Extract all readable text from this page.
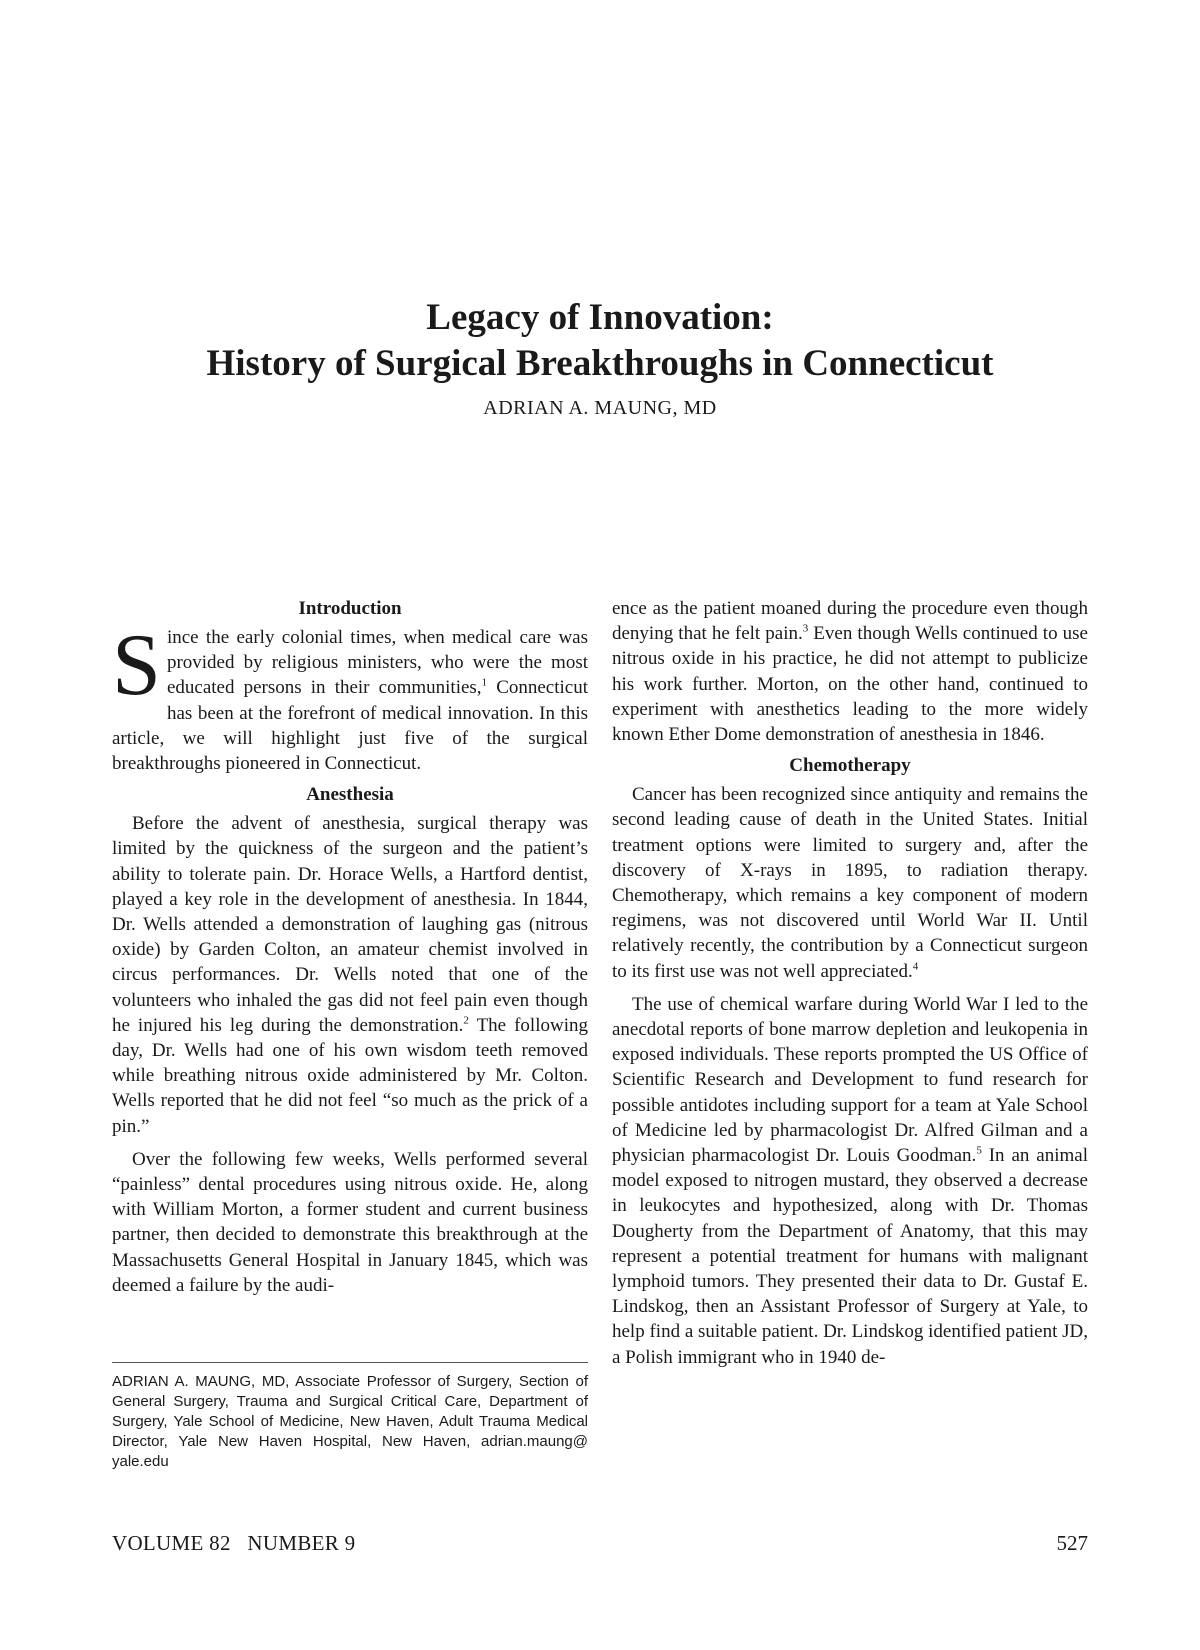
Legacy of Innovation:
History of Surgical Breakthroughs in Connecticut
ADRIAN A. MAUNG, MD
Introduction

Since the early colonial times, when medical care was provided by religious ministers, who were the most educated persons in their communities,$^1$ Connecticut has been at the forefront of medical innovation. In this article, we will highlight just five of the surgical breakthroughs pioneered in Connecticut.

Anesthesia

Before the advent of anesthesia, surgical therapy was limited by the quickness of the surgeon and the patient’s ability to tolerate pain. Dr. Horace Wells, a Hartford dentist, played a key role in the development of anesthesia. In 1844, Dr. Wells attended a demonstration of laughing gas (nitrous oxide) by Garden Colton, an amateur chemist involved in circus performances. Dr. Wells noted that one of the volunteers who inhaled the gas did not feel pain even though he injured his leg during the demonstration.$^2$ The following day, Dr. Wells had one of his own wisdom teeth removed while breathing nitrous oxide administered by Mr. Colton. Wells reported that he did not feel “so much as the prick of a pin.”

Over the following few weeks, Wells performed several “painless” dental procedures using nitrous oxide. He, along with William Morton, a former student and current business partner, then decided to demonstrate this breakthrough at the Massachusetts General Hospital in January 1845, which was deemed a failure by the audi-

ence as the patient moaned during the procedure even though denying that he felt pain.$^3$ Even though Wells continued to use nitrous oxide in his practice, he did not attempt to publicize his work further. Morton, on the other hand, continued to experiment with anesthetics leading to the more widely known Ether Dome demonstration of anesthesia in 1846.

Chemotherapy

Cancer has been recognized since antiquity and remains the second leading cause of death in the United States. Initial treatment options were limited to surgery and, after the discovery of X-rays in 1895, to radiation therapy. Chemotherapy, which remains a key component of modern regimens, was not discovered until World War II. Until relatively recently, the contribution by a Connecticut surgeon to its first use was not well appreciated.$^4$

The use of chemical warfare during World War I led to the anecdotal reports of bone marrow depletion and leukopenia in exposed individuals. These reports prompted the US Office of Scientific Research and Development to fund research for possible antidotes including support for a team at Yale School of Medicine led by pharmacologist Dr. Alfred Gilman and a physician pharmacologist Dr. Louis Goodman.$^5$ In an animal model exposed to nitrogen mustard, they observed a decrease in leukocytes and hypothesized, along with Dr. Thomas Dougherty from the Department of Anatomy, that this may represent a potential treatment for humans with malignant lymphoid tumors. They presented their data to Dr. Gustaf E. Lindskog, then an Assistant Professor of Surgery at Yale, to help find a suitable patient. Dr. Lindskog identified patient JD, a Polish immigrant who in 1940 de-

ADRIAN A. MAUNG, MD, Associate Professor of Surgery, Section of General Surgery, Trauma and Surgical Critical Care, Department of Surgery, Yale School of Medicine, New Haven, Adult Trauma Medical Director, Yale New Haven Hospital, New Haven, adrian.maung@ yale.edu
VOLUME 82   NUMBER 9	527
